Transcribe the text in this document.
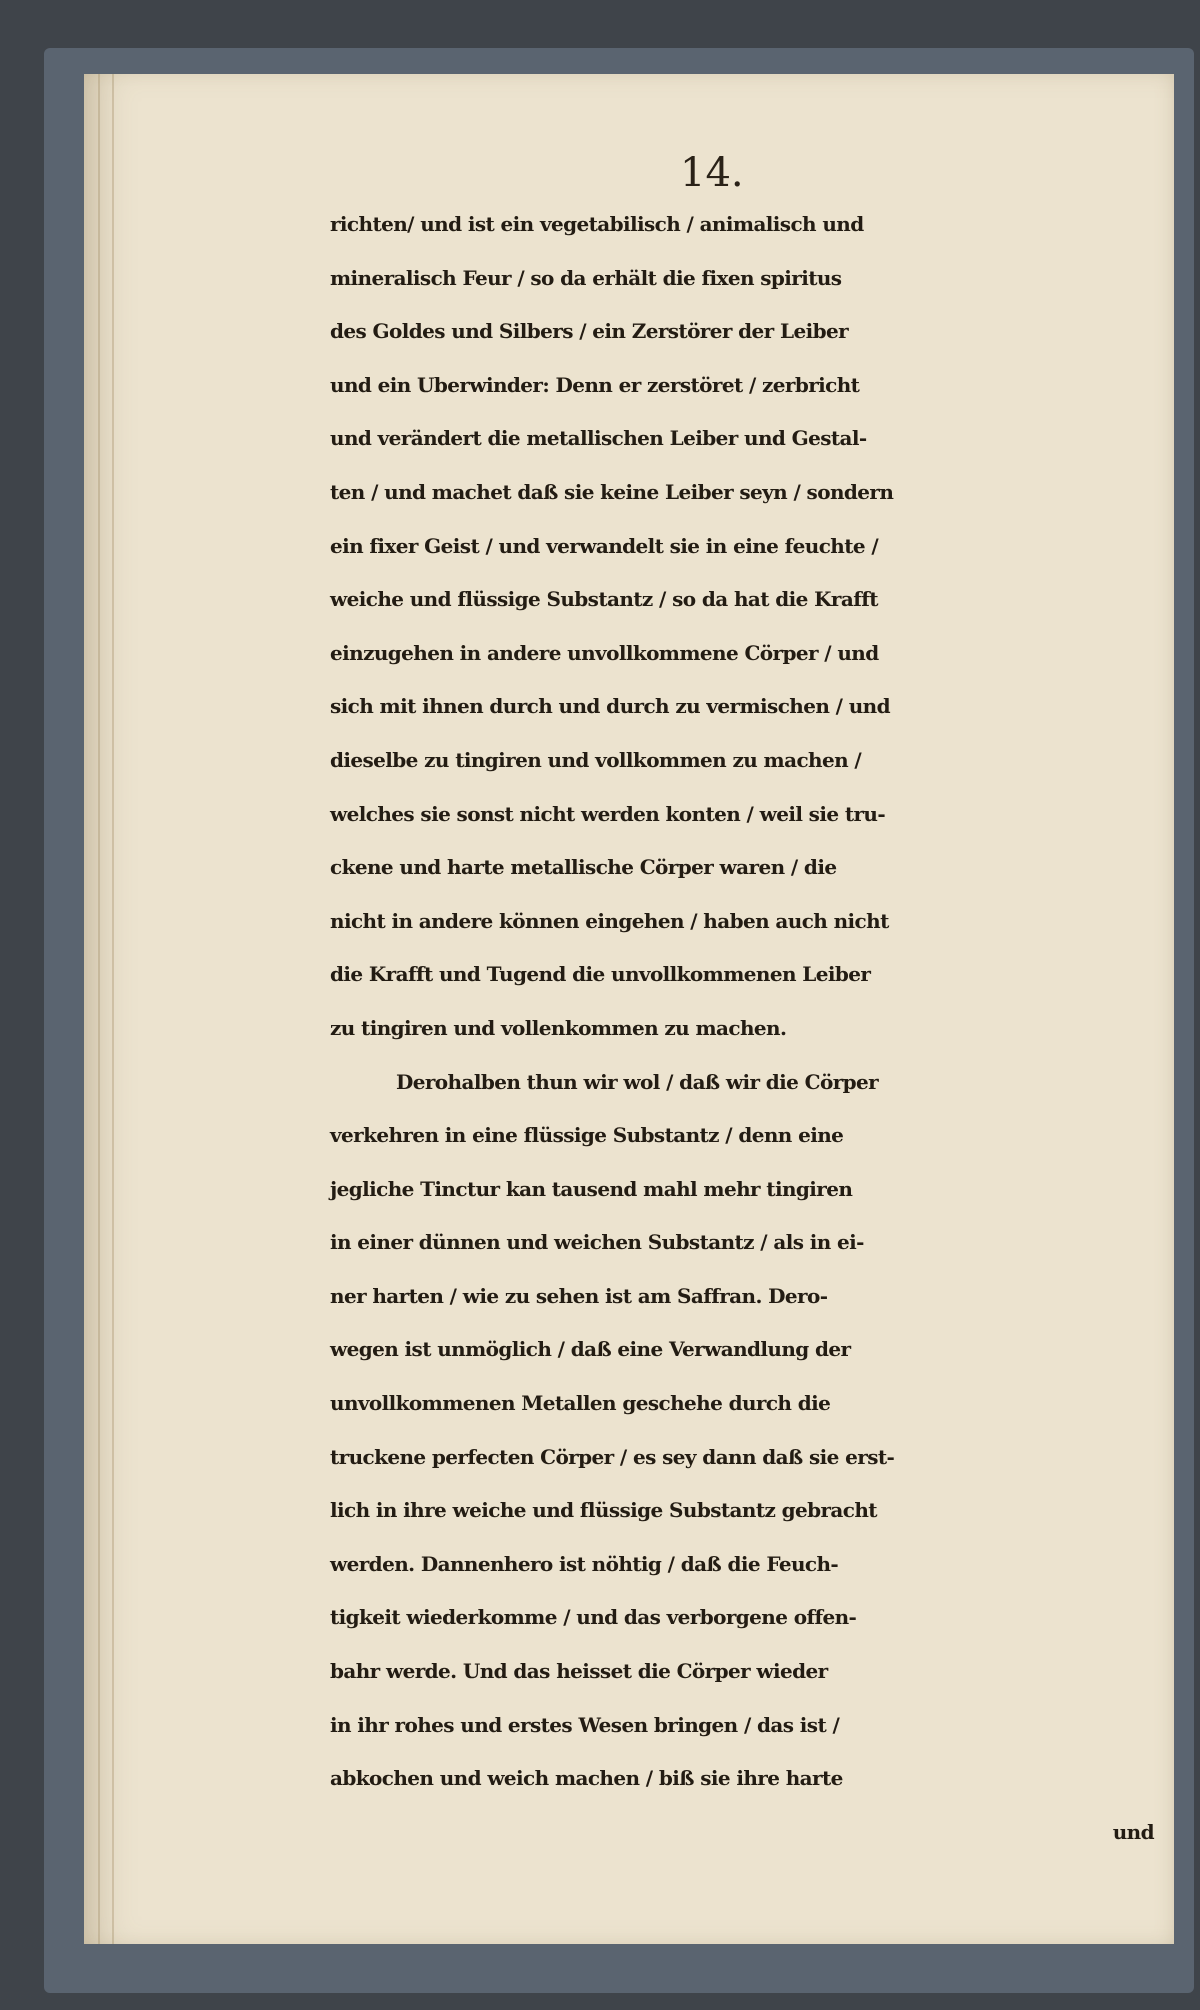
14.

richten/ und ist ein vegetabilisch / animalisch und
mineralisch Feur / so da erhält die fixen spiritus
des Goldes und Silbers / ein Zerstörer der Leiber
und ein Uberwinder: Denn er zerstöret / zerbricht
und verändert die metallischen Leiber und Gestal-
ten / und machet daß sie keine Leiber seyn / sondern
ein fixer Geist / und verwandelt sie in eine feuchte /
weiche und flüssige Substantz / so da hat die Krafft
einzugehen in andere unvollkommene Cörper / und
sich mit ihnen durch und durch zu vermischen / und
dieselbe zu tingiren und vollkommen zu machen /
welches sie sonst nicht werden konten / weil sie tru-
ckene und harte metallische Cörper waren / die
nicht in andere können eingehen / haben auch nicht
die Krafft und Tugend die unvollkommenen Leiber
zu tingiren und vollenkommen zu machen.
Derohalben thun wir wol / daß wir die Cörper
verkehren in eine flüssige Substantz / denn eine
jegliche Tinctur kan tausend mahl mehr tingiren
in einer dünnen und weichen Substantz / als in ei-
ner harten / wie zu sehen ist am Saffran. Dero-
wegen ist unmöglich / daß eine Verwandlung der
unvollkommenen Metallen geschehe durch die
truckene perfecten Cörper / es sey dann daß sie erst-
lich in ihre weiche und flüssige Substantz gebracht
werden. Dannenhero ist nöhtig / daß die Feuch-
tigkeit wiederkomme / und das verborgene offen-
bahr werde. Und das heisset die Cörper wieder
in ihr rohes und erstes Wesen bringen / das ist /
abkochen und weich machen / biß sie ihre harte
und
